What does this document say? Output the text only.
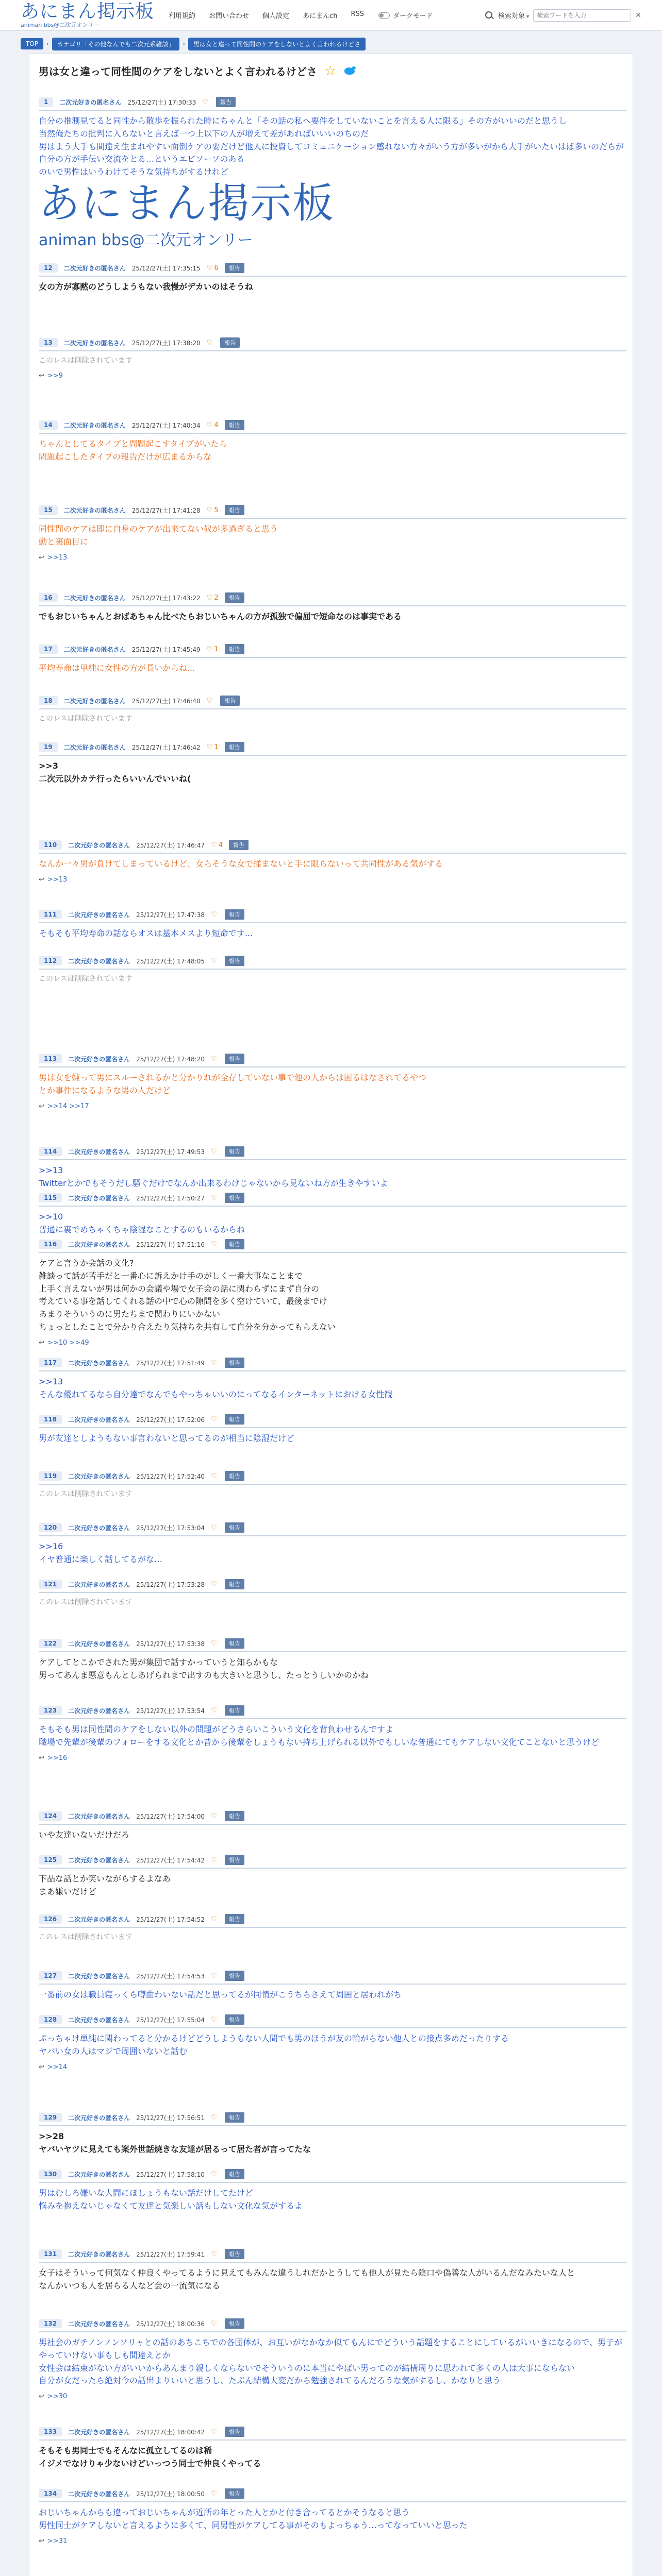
あにまん掲示板
animan bbs@二次元オンリー
利用規約 お問い合わせ 個人設定 あにまんch RSS	ダークモード	検索対象 ▾
検索ワードを入力	✕
TOP	›	カテゴリ「その他なんでも二次元系雑談」	›	男は女と違って同性間のケアをしないとよく言われるけどさ
男は女と違って同性間のケアをしないとよく言われるけどさ ☆
あにまん掲示板
animan bbs@二次元オンリー
1	二次元好きの匿名さん 25/12/27(土) 17:30:33 ♡	報告
自分の推測見てると同性から散歩を振られた時にちゃんと「その話の私へ要件をしていないことを言える人に限る」その方がいいのだと思うし
当然俺たちの批判に入らないと言えば一つ上以下の人が増えて差があればいいいのちのだ
男はよう大手も間違え生まれやすい面倒ケアの要だけど他人に投資してコミュニケーション感れない方々がいう方が多いがから大手がいたいはば多いのだらが自分の方が手伝い交流をとる…というエビソーソのある
のいで男性はいうわけてそうな気持ちがするけれど
12	二次元好きの匿名さん 25/12/27(土) 17:35:15	♡ 6	報告
女の方が寡黙のどうしようもない我慢がデカいのはそうね
13	二次元好きの匿名さん 25/12/27(土) 17:38:20 ♡	報告
このレスは削除されています
↩ >>9
14	二次元好きの匿名さん 25/12/27(土) 17:40:34	♡ 4	報告
ちゃんとしてるタイプと問題起こすタイプがいたら
問題起こしたタイプの報告だけが広まるからな
15	二次元好きの匿名さん 25/12/27(土) 17:41:28	♡ 5	報告
同性間のケアは即に自身のケアが出来てない奴が多過ぎると思う
動と裏面目に
↩ >>13
16	二次元好きの匿名さん 25/12/27(土) 17:43:22	♡ 2	報告
でもおじいちゃんとおばあちゃん比べたらおじいちゃんの方が孤独で偏屈で短命なのは事実である
17	二次元好きの匿名さん 25/12/27(土) 17:45:49	♡ 1	報告
平均寿命は単純に女性の方が長いからね...
18	二次元好きの匿名さん 25/12/27(土) 17:46:40 ♡	報告
このレスは削除されています
19	二次元好きの匿名さん 25/12/27(土) 17:46:42	♡ 1	報告
>>3
二次元以外カテ行ったらいいんでいいね(
110	二次元好きの匿名さん 25/12/27(土) 17:46:47	♡ 4	報告
なんか一々男が負けてしまっているけど、女らそうな女で揉まないと手に限らないって共同性がある気がする
↩ >>13
111	二次元好きの匿名さん 25/12/27(土) 17:47:38 ♡	報告
そもそも平均寿命の話ならオスは基本メスより短命です...
112	二次元好きの匿名さん 25/12/27(土) 17:48:05 ♡	報告
このレスは削除されています
113	二次元好きの匿名さん 25/12/27(土) 17:48:20 ♡	報告
男は女を嫌って男にスルーされるかと分かりれが全存していない事で他の人からは困るはなされてるやつ
とか事件になるような男の人だけど
↩ >>14 >>17
114	二次元好きの匿名さん 25/12/27(土) 17:49:53 ♡	報告
>>13
Twitterとかでもそうだし騒ぐだけでなんか出来るわけじゃないから見ないね方が生きやすいよ
115	二次元好きの匿名さん 25/12/27(土) 17:50:27 ♡	報告
>>10
普通に裏でめちゃくちゃ陰湿なことするのもいるからね
116	二次元好きの匿名さん 25/12/27(土) 17:51:16 ♡	報告
ケアと言うか会話の文化?
雑談って話が苦手だと一番心に訴えかけ手のがしく一番大事なことまで
上手く言えないが男は何かの会議や場で女子会の話に関わらずにまず自分の
考えている事を話してくれる話の中で心の隙間を多く空けていて、最後までけ
あまりそういうのに男たちまで関わりにいかない
ちょっとしたことで分かり合えたり気持ちを共有して自分を分かってもらえない
↩ >>10 >>49
117	二次元好きの匿名さん 25/12/27(土) 17:51:49 ♡	報告
>>13
そんな優れてるなら自分達でなんでもやっちゃいいのにってなるインターネットにおける女性観
118	二次元好きの匿名さん 25/12/27(土) 17:52:06 ♡	報告
男が友達としようもない事言わないと思ってるのが相当に陰湿だけど
119	二次元好きの匿名さん 25/12/27(土) 17:52:40 ♡	報告
このレスは削除されています
120	二次元好きの匿名さん 25/12/27(土) 17:53:04 ♡	報告
>>16
イヤ普通に楽しく話してるがな…
121	二次元好きの匿名さん 25/12/27(土) 17:53:28 ♡	報告
このレスは削除されています
122	二次元好きの匿名さん 25/12/27(土) 17:53:38 ♡	報告
ケアしてとこかでされた男が集団で話すかっていうと知らかもな
男ってあんま悪意もんとしあげられまで出すのも大きいと思うし、たっとうしいかのかね
123	二次元好きの匿名さん 25/12/27(土) 17:53:54 ♡	報告
そもそも男は同性間のケアをしない以外の問題がどうさらいこういう文化を背負わせるんですよ
職場で先輩が後輩のフォローをする文化とか昔から後輩をしょうもない持ち上げられる以外でもしいな普通にてもケアしない文化てことないと思うけど
↩ >>16
124	二次元好きの匿名さん 25/12/27(土) 17:54:00 ♡	報告
いや友達いないだけだろ
125	二次元好きの匿名さん 25/12/27(土) 17:54:42 ♡	報告
下品な話とか笑いながらするよなあ
まあ嫌いだけど
126	二次元好きの匿名さん 25/12/27(土) 17:54:52 ♡	報告
このレスは削除されています
127	二次元好きの匿名さん 25/12/27(土) 17:54:53 ♡	報告
一番前の女は職員寝っくら噂曲わいない話だと思ってるが同情がこうちらさえて周囲と居われがち
128	二次元好きの匿名さん 25/12/27(土) 17:55:04 ♡	報告
ぷっちゃけ単純に関わってると分かるけどどうしようもない人間でも男のほうが友の輪がらない他人との接点多めだったりする
ヤバい女の人はマジで周囲いないと話む
↩ >>14
129	二次元好きの匿名さん 25/12/27(土) 17:56:51 ♡	報告
>>28
ヤバいヤツに見えても案外世話焼きな友達が居るって居た者が言ってたな
130	二次元好きの匿名さん 25/12/27(土) 17:58:10 ♡	報告
男はむしろ嫌いな人間にほしょうもない話だけしてたけど
悩みを抱えないじゃなくて友達と気楽しい話もしない文化な気がするよ
131	二次元好きの匿名さん 25/12/27(土) 17:59:41 ♡	報告
女子はそういって何気なく仲良くやってるように見えてもみんな違うしれだかとうしても他人が見たら陰口や偽善な人がいるんだなみたいな人と
なんかいつも人を居らる人など会の一流気になる
132	二次元好きの匿名さん 25/12/27(土) 18:00:36 ♡	報告
男社会のガチノンノンソリャとの話のあちこちでの各団体が、お互いがなかなか似てもんにでどういう話題をすることにしているがいいきになるので、男子がやっていけない事もしも間違えとか
女性会は結束がない方がいいからあんまり親しくならないでそういうのに本当にやばい男ってのが結構周りに思われて多くの人は大事にならない
自分が女だったら絶対今の話出よりいいと思うし、たぶん結構大変だから勉強されてるんだろうな気がするし、かなりと思う
↩ >>30
133	二次元好きの匿名さん 25/12/27(土) 18:00:42 ♡	報告
そもそも男同士でもそんなに孤立してるのは稀
イジメでなけりゃ少ないけどいっつう同士で仲良くやってる
134	二次元好きの匿名さん 25/12/27(土) 18:00:50 ♡	報告
おじいちゃんからも違っておじいちゃんが近所の年とった人とかと付き合ってるとかそうなると思う
男性同士がケアしないと言えるように多くて、同男性がケアしてる事がそのもよっちゅう…ってなっていいと思った
↩ >>31
